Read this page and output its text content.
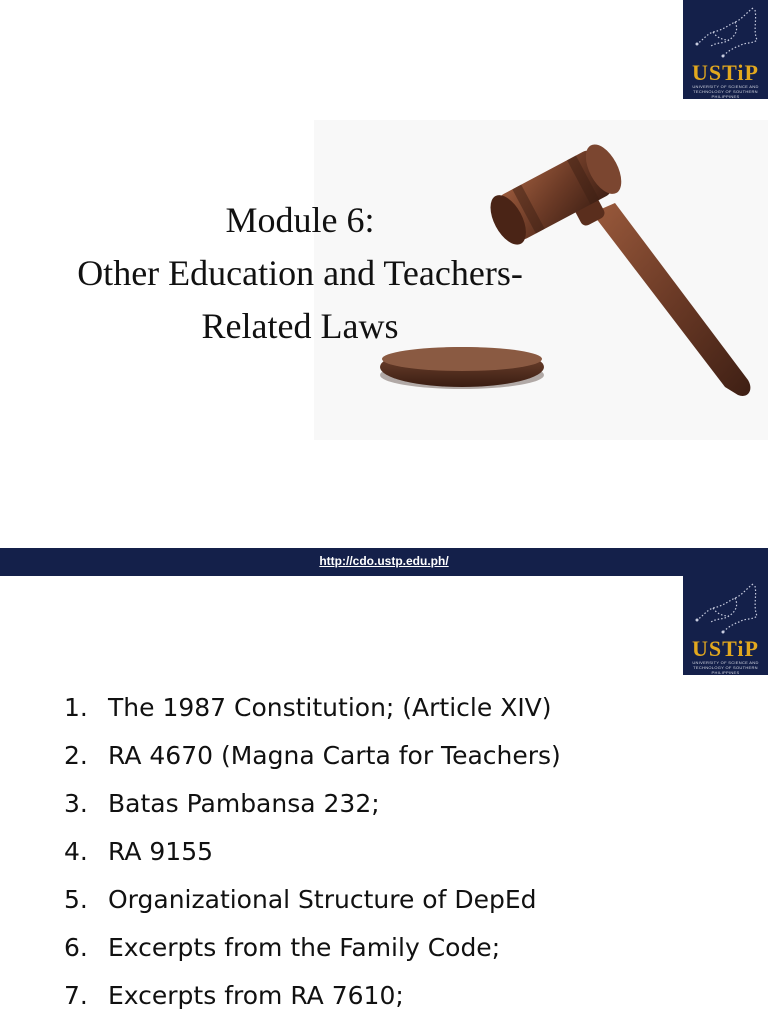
USTiP
UNIVERSITY OF SCIENCE AND TECHNOLOGY OF SOUTHERN PHILIPPINES
Module 6:
Other Education and Teachers-
Related Laws
http://cdo.ustp.edu.ph/
USTiP
UNIVERSITY OF SCIENCE AND TECHNOLOGY OF SOUTHERN PHILIPPINES
1. The 1987 Constitution; (Article XIV)
2. RA 4670 (Magna Carta for Teachers)
3. Batas Pambansa 232;
4. RA 9155
5. Organizational Structure of DepEd
6. Excerpts from the Family Code;
7. Excerpts from RA 7610;
